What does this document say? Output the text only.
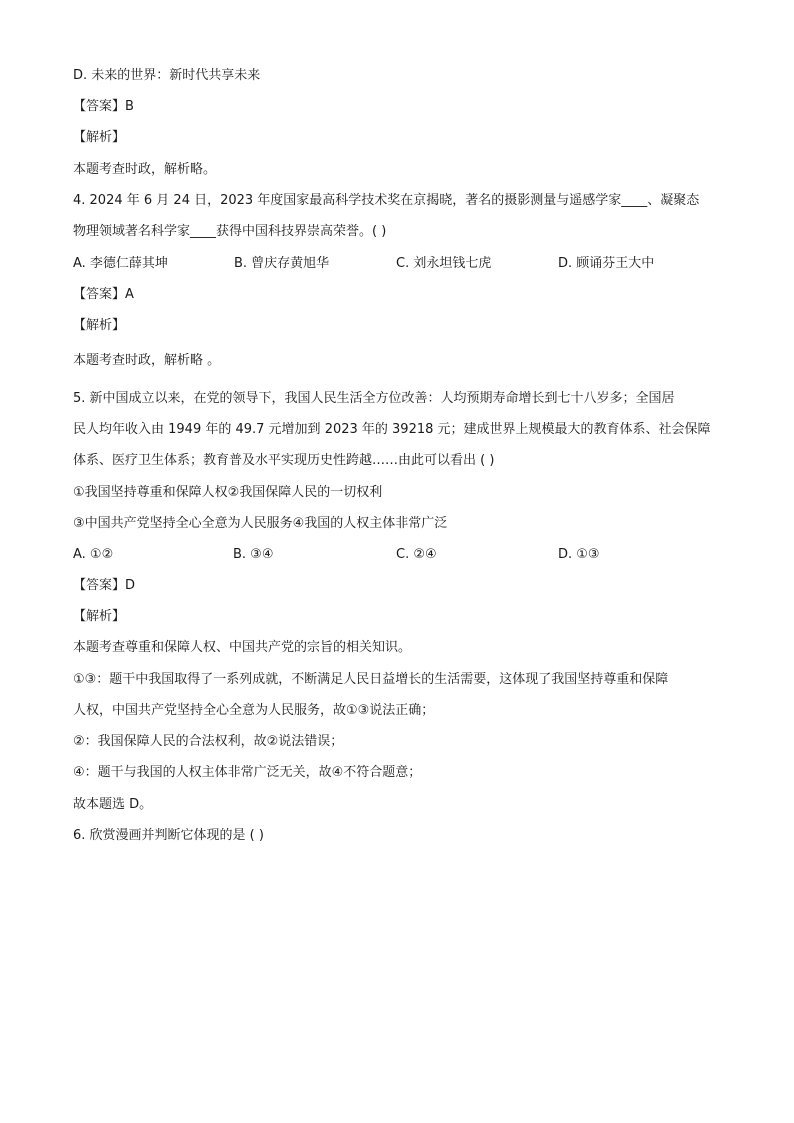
D. 未来的世界：新时代共享未来
【答案】B
【解析】
本题考查时政，解析略。
4. 2024 年 6 月 24 日，2023 年度国家最高科学技术奖在京揭晓，著名的摄影测量与遥感学家____、凝聚态
物理领域著名科学家____获得中国科技界崇高荣誉。( )
A. 李德仁薛其坤	B. 曾庆存黄旭华	C. 刘永坦钱七虎	D. 顾诵芬王大中
【答案】A
【解析】
本题考查时政，解析略 。
5. 新中国成立以来，在党的领导下，我国人民生活全方位改善：人均预期寿命增长到七十八岁多；全国居
民人均年收入由 1949 年的 49.7 元增加到 2023 年的 39218 元；建成世界上规模最大的教育体系、社会保障
体系、医疗卫生体系；教育普及水平实现历史性跨越……由此可以看出 ( )
①我国坚持尊重和保障人权②我国保障人民的一切权利
③中国共产党坚持全心全意为人民服务④我国的人权主体非常广泛
A. ①②	B. ③④	C. ②④	D. ①③
【答案】D
【解析】
本题考查尊重和保障人权、中国共产党的宗旨的相关知识。
①③：题干中我国取得了一系列成就，不断满足人民日益增长的生活需要，这体现了我国坚持尊重和保障
人权，中国共产党坚持全心全意为人民服务，故①③说法正确；
②：我国保障人民的合法权利，故②说法错误；
④：题干与我国的人权主体非常广泛无关，故④不符合题意；
故本题选 D。
6. 欣赏漫画并判断它体现的是 ( )
